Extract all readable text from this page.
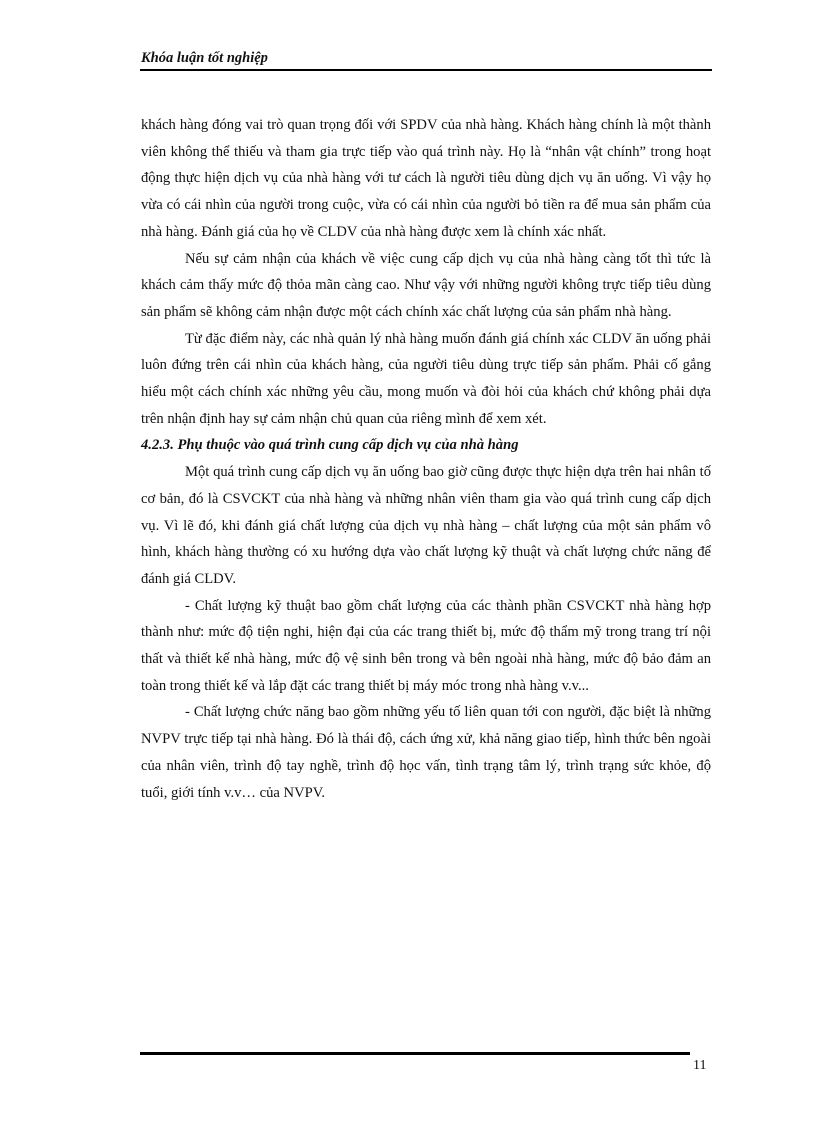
Khóa luận tốt nghiệp

khách hàng đóng vai trò quan trọng đối với SPDV của nhà hàng. Khách hàng chính là một thành viên không thể thiếu và tham gia trực tiếp vào quá trình này. Họ là “nhân vật chính” trong hoạt động thực hiện dịch vụ của nhà hàng với tư cách là người tiêu dùng dịch vụ ăn uống. Vì vậy họ vừa có cái nhìn của người trong cuộc, vừa có cái nhìn của người bỏ tiền ra để mua sản phẩm của nhà hàng. Đánh giá của họ về CLDV của nhà hàng được xem là chính xác nhất.

Nếu sự cảm nhận của khách về việc cung cấp dịch vụ của nhà hàng càng tốt thì tức là khách cảm thấy mức độ thỏa mãn càng cao. Như vậy với những người không trực tiếp tiêu dùng sản phẩm sẽ không cảm nhận được một cách chính xác chất lượng của sản phẩm nhà hàng.

Từ đặc điểm này, các nhà quản lý nhà hàng muốn đánh giá chính xác CLDV ăn uống phải luôn đứng trên cái nhìn của khách hàng, của người tiêu dùng trực tiếp sản phẩm. Phải cố gắng hiểu một cách chính xác những yêu cầu, mong muốn và đòi hỏi của khách chứ không phải dựa trên nhận định hay sự cảm nhận chủ quan của riêng mình để xem xét.

4.2.3. Phụ thuộc vào quá trình cung cấp dịch vụ của nhà hàng

Một quá trình cung cấp dịch vụ ăn uống bao giờ cũng được thực hiện dựa trên hai nhân tố cơ bản, đó là CSVCKT của nhà hàng và những nhân viên tham gia vào quá trình cung cấp dịch vụ. Vì lẽ đó, khi đánh giá chất lượng của dịch vụ nhà hàng – chất lượng của một sản phẩm vô hình, khách hàng thường có xu hướng dựa vào chất lượng kỹ thuật và chất lượng chức năng để đánh giá CLDV.

- Chất lượng kỹ thuật bao gồm chất lượng của các thành phần CSVCKT nhà hàng hợp thành như: mức độ tiện nghi, hiện đại của các trang thiết bị, mức độ thẩm mỹ trong trang trí nội thất và thiết kế nhà hàng, mức độ vệ sinh bên trong và bên ngoài nhà hàng, mức độ bảo đảm an toàn trong thiết kế và lắp đặt các trang thiết bị máy móc trong nhà hàng v.v...

- Chất lượng chức năng bao gồm những yếu tố liên quan tới con người, đặc biệt là những NVPV trực tiếp tại nhà hàng. Đó là thái độ, cách ứng xử, khả năng giao tiếp, hình thức bên ngoài của nhân viên, trình độ tay nghề, trình độ học vấn, tình trạng tâm lý, trình trạng sức khỏe, độ tuổi, giới tính v.v… của NVPV.

11
